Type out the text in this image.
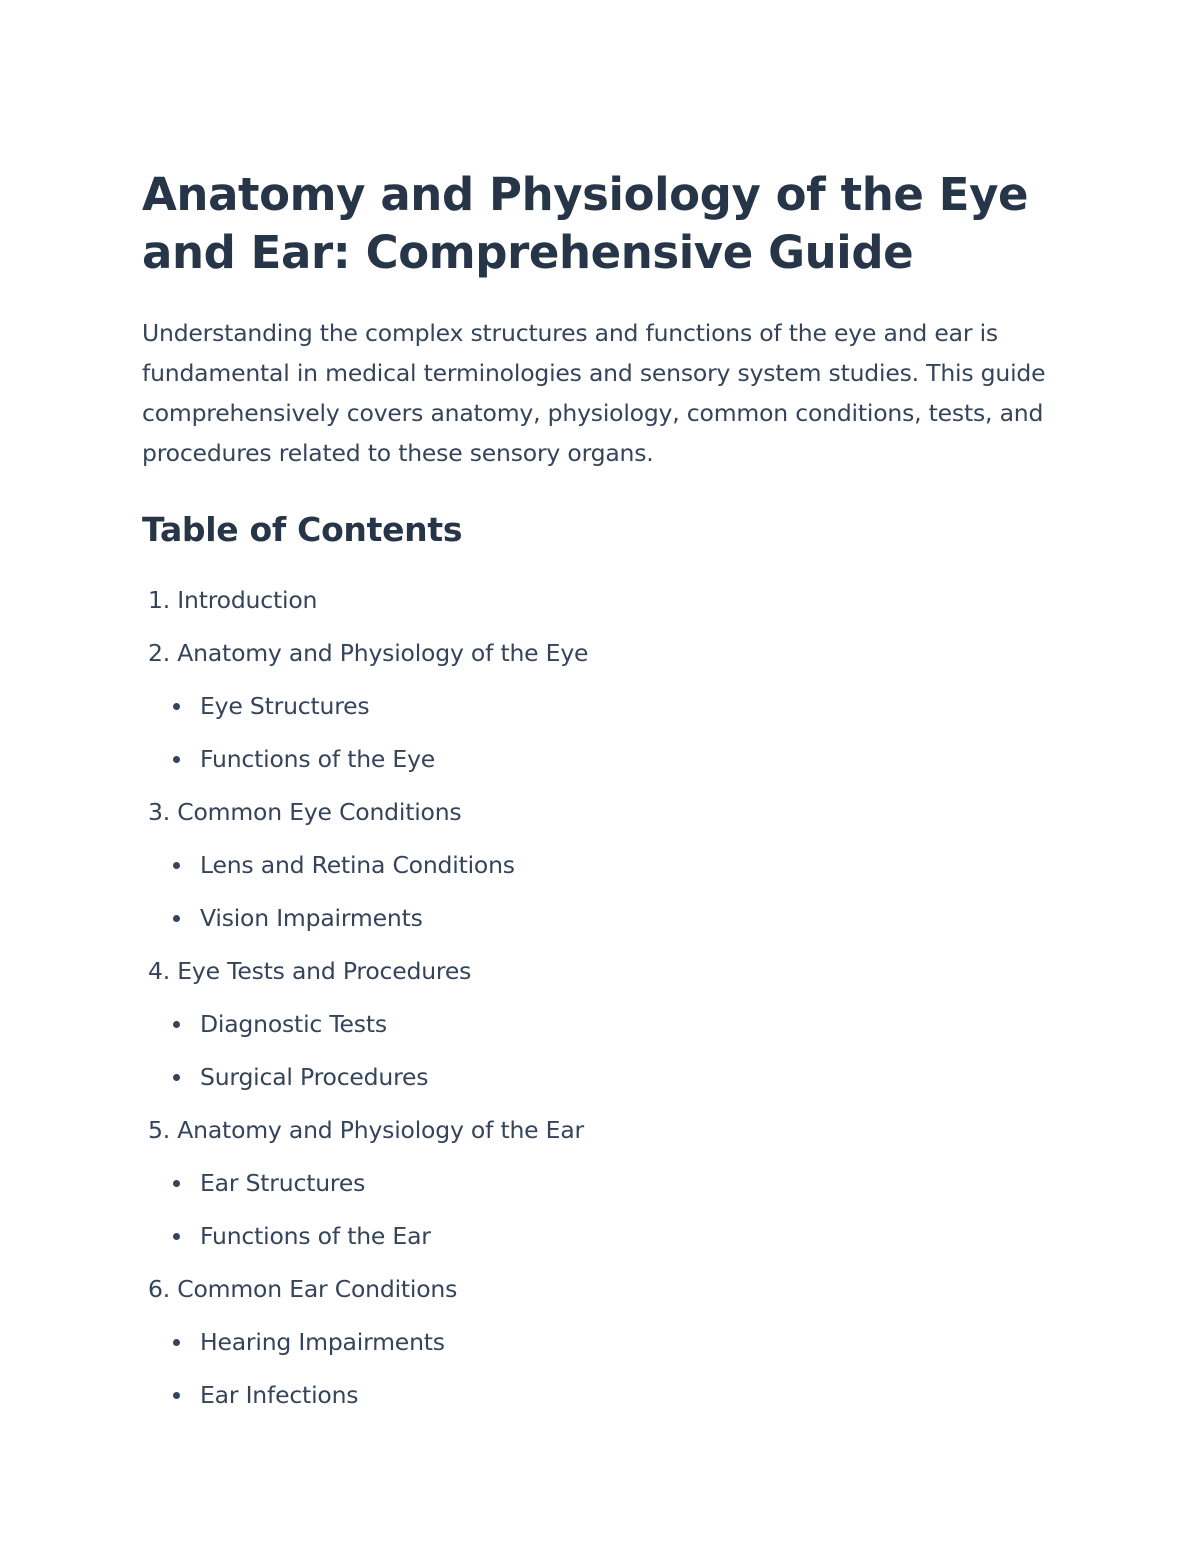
Anatomy and Physiology of the Eye and Ear: Comprehensive Guide

Understanding the complex structures and functions of the eye and ear is fundamental in medical terminologies and sensory system studies. This guide comprehensively covers anatomy, physiology, common conditions, tests, and procedures related to these sensory organs.

Table of Contents
1. Introduction
2. Anatomy and Physiology of the Eye
Eye Structures
Functions of the Eye
3. Common Eye Conditions
Lens and Retina Conditions
Vision Impairments
4. Eye Tests and Procedures
Diagnostic Tests
Surgical Procedures
5. Anatomy and Physiology of the Ear
Ear Structures
Functions of the Ear
6. Common Ear Conditions
Hearing Impairments
Ear Infections
